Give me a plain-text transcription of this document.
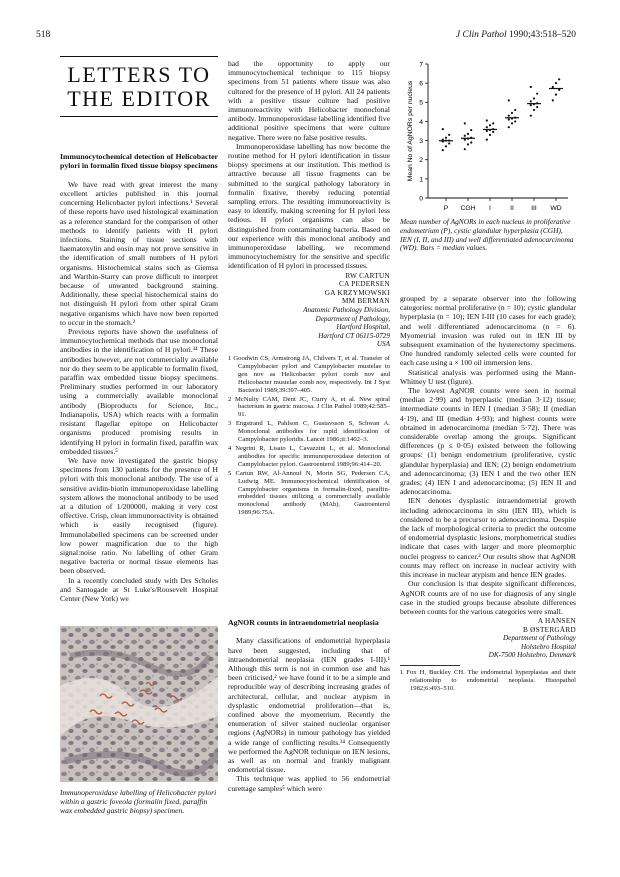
518	J Clin Pathol 1990;43:518–520
LETTERS TO
THE EDITOR
Immunocytochemical detection of Helicobacter pylori in formalin fixed tissue biopsy specimens

We have read with great interest the many excellent articles published in this journal concerning Helicobacter pylori infections.¹ Several of these reports have used histological examination as a reference standard for the comparison of other methods to identify patients with H pylori infections. Staining of tissue sections with haematoxylin and eosin may not prove sensitive in the identification of small numbers of H pylori organisms. Histochemical stains such as Giemsa and Warthin-Starry can prove difficult to interpret because of unwanted background staining. Additionally, these special histochemical stains do not distinguish H pylori from other spiral Gram negative organisms which have now been reported to occur in the stomach.²

Previous reports have shown the usefulness of immunocytochemical methods that use monoclonal antibodies in the identification of H pylori.³⁴ These antibodies however, are not commercially available nor do they seem to be applicable to formalin fixed, paraffin wax embedded tissue biopsy specimens. Preliminary studies performed in our laboratory using a commercially available monoclonal antibody (Bioproducts for Science, Inc., Indianapolis, USA) which reacts with a formalin resistant flagellar epitope on Helicobacter organisms produced promising results in identifying H pylori in formalin fixed, paraffin wax embedded tissues.⁵

We have now investigated the gastric biopsy specimens from 130 patients for the presence of H pylori with this monoclonal antibody. The use of a sensitive avidin-biotin immunoperoxidase labelling system allows the monoclonal antibody to be used at a dilution of 1/200000, making it very cost effective. Crisp, clean immunoreactivity is obtained which is easily recognised (figure). Immunolabelled specimens can be screened under low power magnification due to the high signal:noise ratio. No labelling of other Gram negative bacteria or normal tissue elements has been observed.

In a recently concluded study with Drs Scholes and Santogade at St Luke's/Roosevelt Hospital Center (New York) we

Immunoperoxidase labelling of Helicobacter pylori within a gastric foveola (formalin fixed, paraffin wax embedded gastric biopsy) specimen.

had the opportunity to apply our immunocytochemical technique to 115 biopsy specimens from 51 patients where tissue was also cultured for the presence of H pylori. All 24 patients with a positive tissue culture had positive immunoreactivity with Helicobacter monoclonal antibody. Immunoperoxidase labelling identified five additional positive specimens that were culture negative. There were no false positive results.

Immunoperoxidase labelling has now become the routine method for H pylori identification in tissue biopsy specimens at our institution. This method is attractive because all tissue fragments can be submitted to the surgical pathology laboratory in formalin fixative, thereby reducing potential sampling errors. The resulting immunoreactivity is easy to identify, making screening for H pylori less tedious. H pylori organisms can also be distinguished from contaminating bacteria. Based on our experience with this monoclonal antibody and immunoperoxidase labelling, we recommend immunocytochemistry for the sensitive and specific identification of H pylori in processed tissues.

RW CARTUN
CA PEDERSEN
GA KRZYMOWSKI
MM BERMAN
Anatomic Pathology Division,
Department of Pathology,
Hartford Hospital,
Hartford CT 06115-0729
USA
1 Goodwin CS, Armstrong JA, Chilvers T, et al. Transfer of Campylobacter pylori and Campylobacter mustelae to gen nov as Helicobacter pylori comb nov and Helicobacter mustelae comb nov, respectively. Int J Syst Bacteriol 1989;39:397–405.
2 McNulty CAM, Dent JC, Curry A, et al. New spiral bacterium in gastric mucosa. J Clin Pathol 1989;42:585–91.
3 Engstrand L, Pahlson C, Gustavsson S, Schwan A. Monoclonal antibodies for rapid identification of Campylobacter pyloridis. Lancet 1986;ii:1402–3.
4 Negrini R, Lisato L, Cavazzini L, et al. Monoclonal antibodies for specific immunoperoxidase detection of Campylobacter pylori. Gastroenterol 1989;96:414–20.
5 Cartun RW, Al-Annouf N, Morin SG, Pedersen CA, Ludwig ME. Immunocytochemical identification of Campylobacter organisms in formalin-fixed, paraffin-embedded tissues utilizing a commercially available monoclonal antibody (MAb). Gastroenterol 1989;96:75A.
AgNOR counts in intraendometrial neoplasia

Many classifications of endometrial hyperplasia have been suggested, including that of intraendometrial neoplasia (IEN grades I-III).¹ Although this term is not in common use and has been criticised,² we have found it to be a simple and reproducible way of describing increasing grades of architectural, cellular, and nuclear atypism in dysplastic endometrial proliferation—that is, confined above the myometrium. Recently the enumeration of silver stained nucleolar organiser regions (AgNORs) in tumour pathology has yielded a wide range of conflicting results.³⁴ Consequently we performed the AgNOR technique on IEN lesions, as well as on normal and frankly malignant endometrial tissue.

This technique was applied to 56 endometrial curettage samples⁵ which were

0
1
2
3
4
5
6
7
Mean No of AgNORs per nucleus
P CGH I	II	III WD
Mean number of AgNORs in each nucleus in proliferative endometrium (P), cystic glandular hyperplasia (CGH), IEN (I, II, and III) and well differentiated adenocarcinoma (WD). Bars = median values.

grouped by a separate observer into the following categories: normal proliferative (n = 10); cystic glandular hyperplasia (n = 10); IEN I-III (10 cases for each grade); and well differentiated adenocarcinoma (n = 6). Myometrial invasion was ruled out in IEN III by subsequent examination of the hysterectomy specimens. One hundred randomly selected cells were counted for each case using a × 100 oil immersion lens.

Statistical analysis was performed using the Mann-Whitney U test (figure).

The lowest AgNOR counts were seen in normal (median 2·99) and hyperplastic (median 3·12) tissue; intermediate counts in IEN I (median 3·58); II (median 4·19), and III (median 4·93); and highest counts were obtained in adenocarcinoma (median 5·72). There was considerable overlap among the groups. Significant differences (p ≤ 0·05) existed between the following groups: (1) benign endometrium (proliferative, cystic glandular hyperplasia) and IEN; (2) benign endometrium and adenocarcinoma; (3) IEN I and the two other IEN grades; (4) IEN I and adenocarcinoma; (5) IEN II and adenocarcinoma.

IEN denotes dysplastic intraendometrial growth including adenocarcinoma in situ (IEN III), which is considered to be a precursor to adenocarcinoma. Despite the lack of morphological criteria to predict the outcome of endometrial dysplastic lesions, morphometrical studies indicate that cases with larger and more pleomorphic nuclei progress to cancer.² Our results show that AgNOR counts may reflect on increase in nuclear activity with this increase in nuclear atypism and hence IEN grades.

Our conclusion is that despite significant differences, AgNOR counts are of no use for diagnosis of any single case in the studied groups because absolute differences between counts for the various categories were small.

A HANSEN
B ØSTERGÅRD
Department of Pathology
Holstebro Hospital
DK-7500 Holstebro, Denmark
1 Fox H, Buckley CH. The endometrial hyperplasias and their relationship to endometrial neoplasia. Histopathol 1982;6:493–510.
